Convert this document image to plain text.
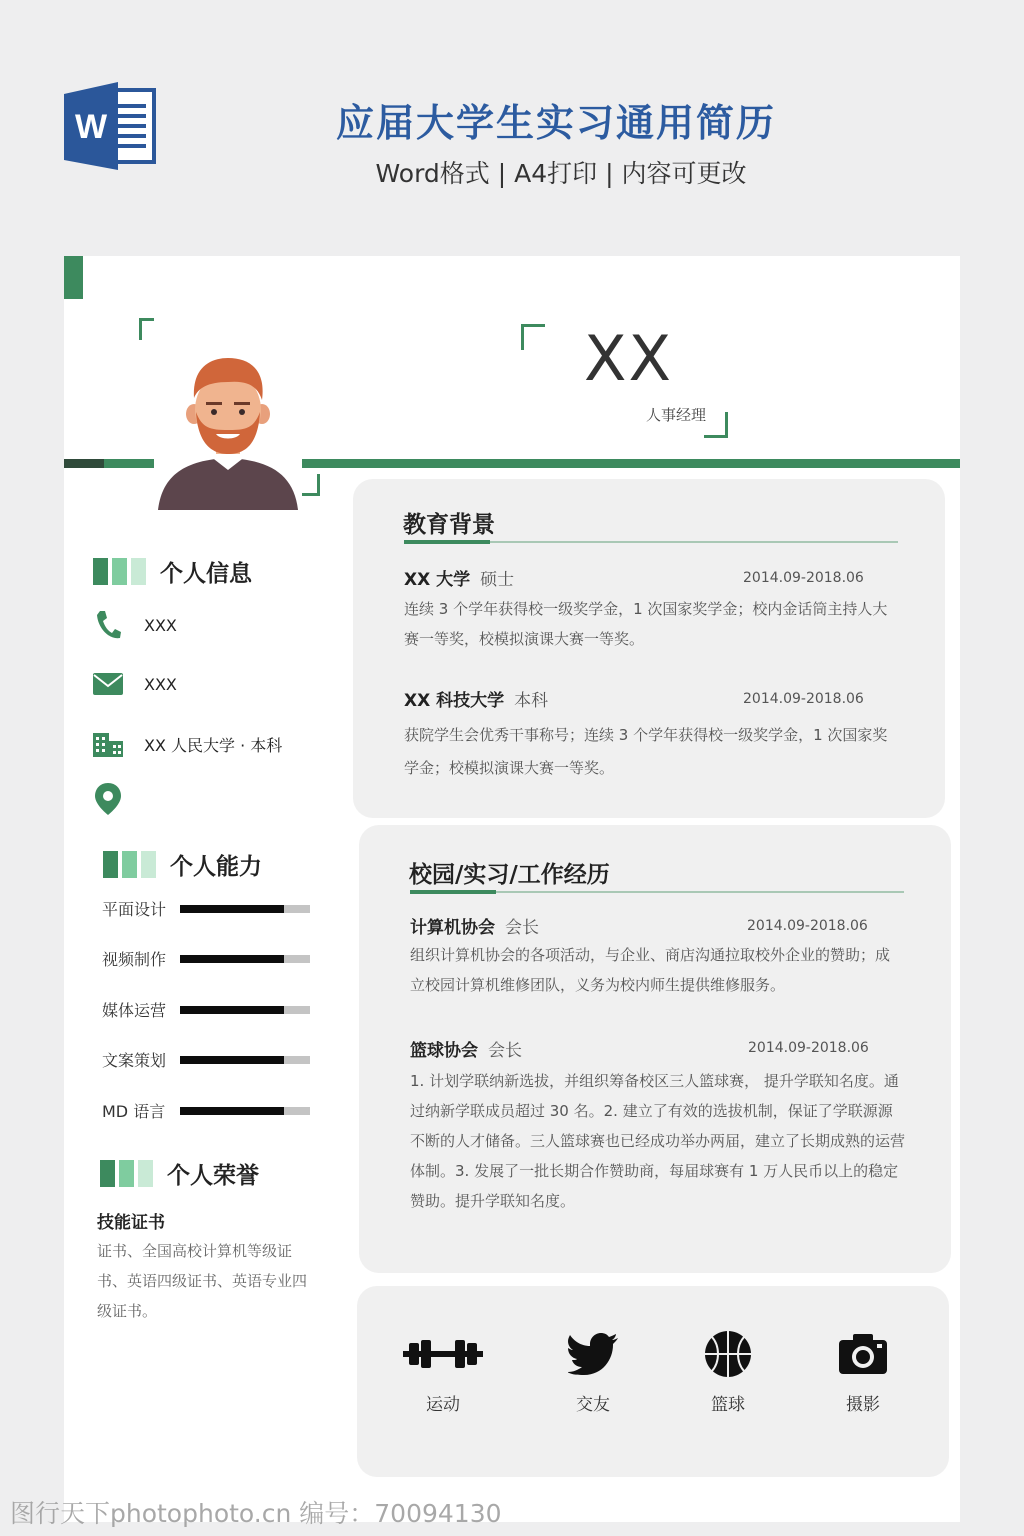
W	应届大学生实习通用简历
Word格式 | A4打印 | 内容可更改
XX
人事经理
个人信息
XXX
XXX
XX 人民大学 · 本科
个人能力
平面设计
视频制作
媒体运营
文案策划
MD 语言
个人荣誉
技能证书
证书、全国高校计算机等级证书、英语四级证书、英语专业四级证书。
教育背景
XX 大学 硕士	2014.09-2018.06
连续 3 个学年获得校一级奖学金，1 次国家奖学金；校内金话筒主持人大赛一等奖，校模拟演课大赛一等奖。
XX 科技大学 本科	2014.09-2018.06
获院学生会优秀干事称号；连续 3 个学年获得校一级奖学金，1 次国家奖学金；校模拟演课大赛一等奖。
校园/实习/工作经历
计算机协会 会长	2014.09-2018.06
组织计算机协会的各项活动，与企业、商店沟通拉取校外企业的赞助；成立校园计算机维修团队，义务为校内师生提供维修服务。
篮球协会 会长	2014.09-2018.06
1. 计划学联纳新选拔，并组织筹备校区三人篮球赛， 提升学联知名度。通过纳新学联成员超过 30 名。2. 建立了有效的选拔机制，保证了学联源源不断的人才储备。三人篮球赛也已经成功举办两届，建立了长期成熟的运营体制。3. 发展了一批长期合作赞助商，每届球赛有 1 万人民币以上的稳定赞助。提升学联知名度。
运动	交友	篮球	摄影
图行天下photophoto.cn 编号：70094130
